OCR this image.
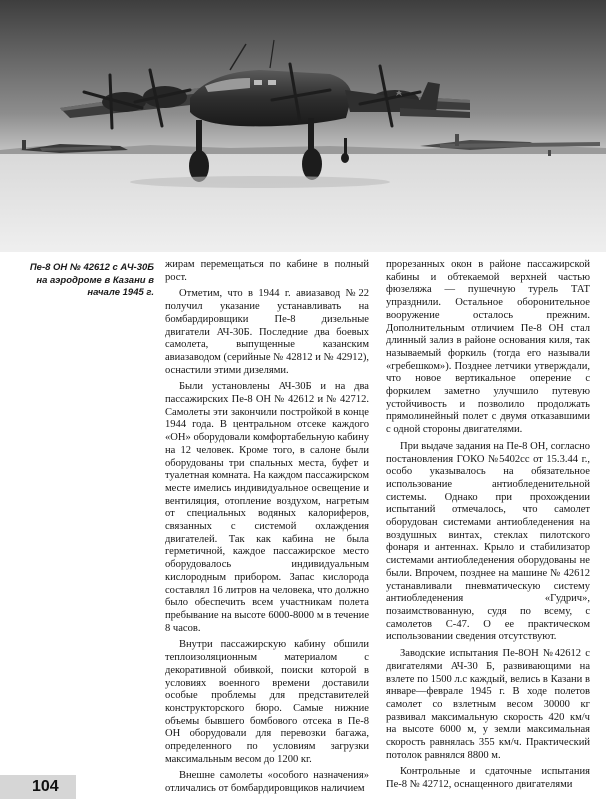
Пе-8 ОН № 42612 с АЧ-30Б на аэродроме в Казани в начале 1945 г.

жирам перемещаться по кабине в полный рост.

Отметим, что в 1944 г. авиазавод №22 получил указание устанавливать на бомбардировщики Пе-8 дизельные двигатели АЧ-30Б. Последние два боевых самолета, выпущенные казанским авиазаводом (серийные № 42812 и № 42912), оснастили этими дизелями.

Были установлены АЧ-30Б и на два пассажирских Пе-8 ОН № 42612 и № 42712. Самолеты эти закончили постройкой в конце 1944 года. В центральном отсеке каждого «ОН» оборудовали комфортабельную кабину на 12 человек. Кроме того, в салоне были оборудованы три спальных места, буфет и туалетная комната. На каждом пассажирском месте имелись индивидуальное освещение и вентиляция, отопление воздухом, нагретым от специальных водяных калориферов, связанных с системой охлаждения двигателей. Так как кабина не была герметичной, каждое пассажирское место оборудовалось индивидуальным кислородным прибором. Запас кислорода составлял 16 литров на человека, что должно было обеспечить всем участникам полета пребывание на высоте 6000-8000 м в течение 8 часов.

Внутри пассажирскую кабину обшили теплоизоляционным материалом с декоративной обивкой, поиски которой в условиях военного времени доставили особые проблемы для представителей конструкторского бюро. Самые нижние объемы бывшего бомбового отсека в Пе-8 ОН оборудовали для перевозки багажа, определенного по условиям загрузки максимальным весом до 1200 кг.

Внешне самолеты «особого назначения» отличались от бомбардировщиков наличием

прорезанных окон в районе пассажирской кабины и обтекаемой верхней частью фюзеляжа — пушечную турель ТАТ упразднили. Остальное оборонительное вооружение осталось прежним. Дополнительным отличием Пе-8 ОН стал длинный зализ в районе основания киля, так называемый форкиль (тогда его называли «гребешком»). Позднее летчики утверждали, что новое вертикальное оперение с форкилем заметно улучшило путевую устойчивость и позволило продолжать прямолинейный полет с двумя отказавшими с одной стороны двигателями.

При выдаче задания на Пе-8 ОН, согласно постановления ГОКО №5402сс от 15.3.44 г., особо указывалось на обязательное использование антиобледенительной системы. Однако при прохождении испытаний отмечалось, что самолет оборудован системами антиобледенения на воздушных винтах, стеклах пилотского фонаря и антеннах. Крыло и стабилизатор системами антиобледенения оборудованы не были. Впрочем, позднее на машине № 42612 устанавливали пневматическую систему антиобледенения «Гудрич», позаимствованную, судя по всему, с самолетов С-47. О ее практическом использовании сведения отсутствуют.

Заводские испытания Пе-8ОН №42612 с двигателями АЧ-30 Б, развивающими на взлете по 1500 л.с каждый, велись в Казани в январе—феврале 1945 г. В ходе полетов самолет со взлетным весом 30000 кг развивал максимальную скорость 420 км/ч на высоте 6000 м, у земли максимальная скорость равнялась 355 км/ч. Практический потолок равнялся 8800 м.

Контрольные и сдаточные испытания Пе-8 № 42712, оснащенного двигателями

104
